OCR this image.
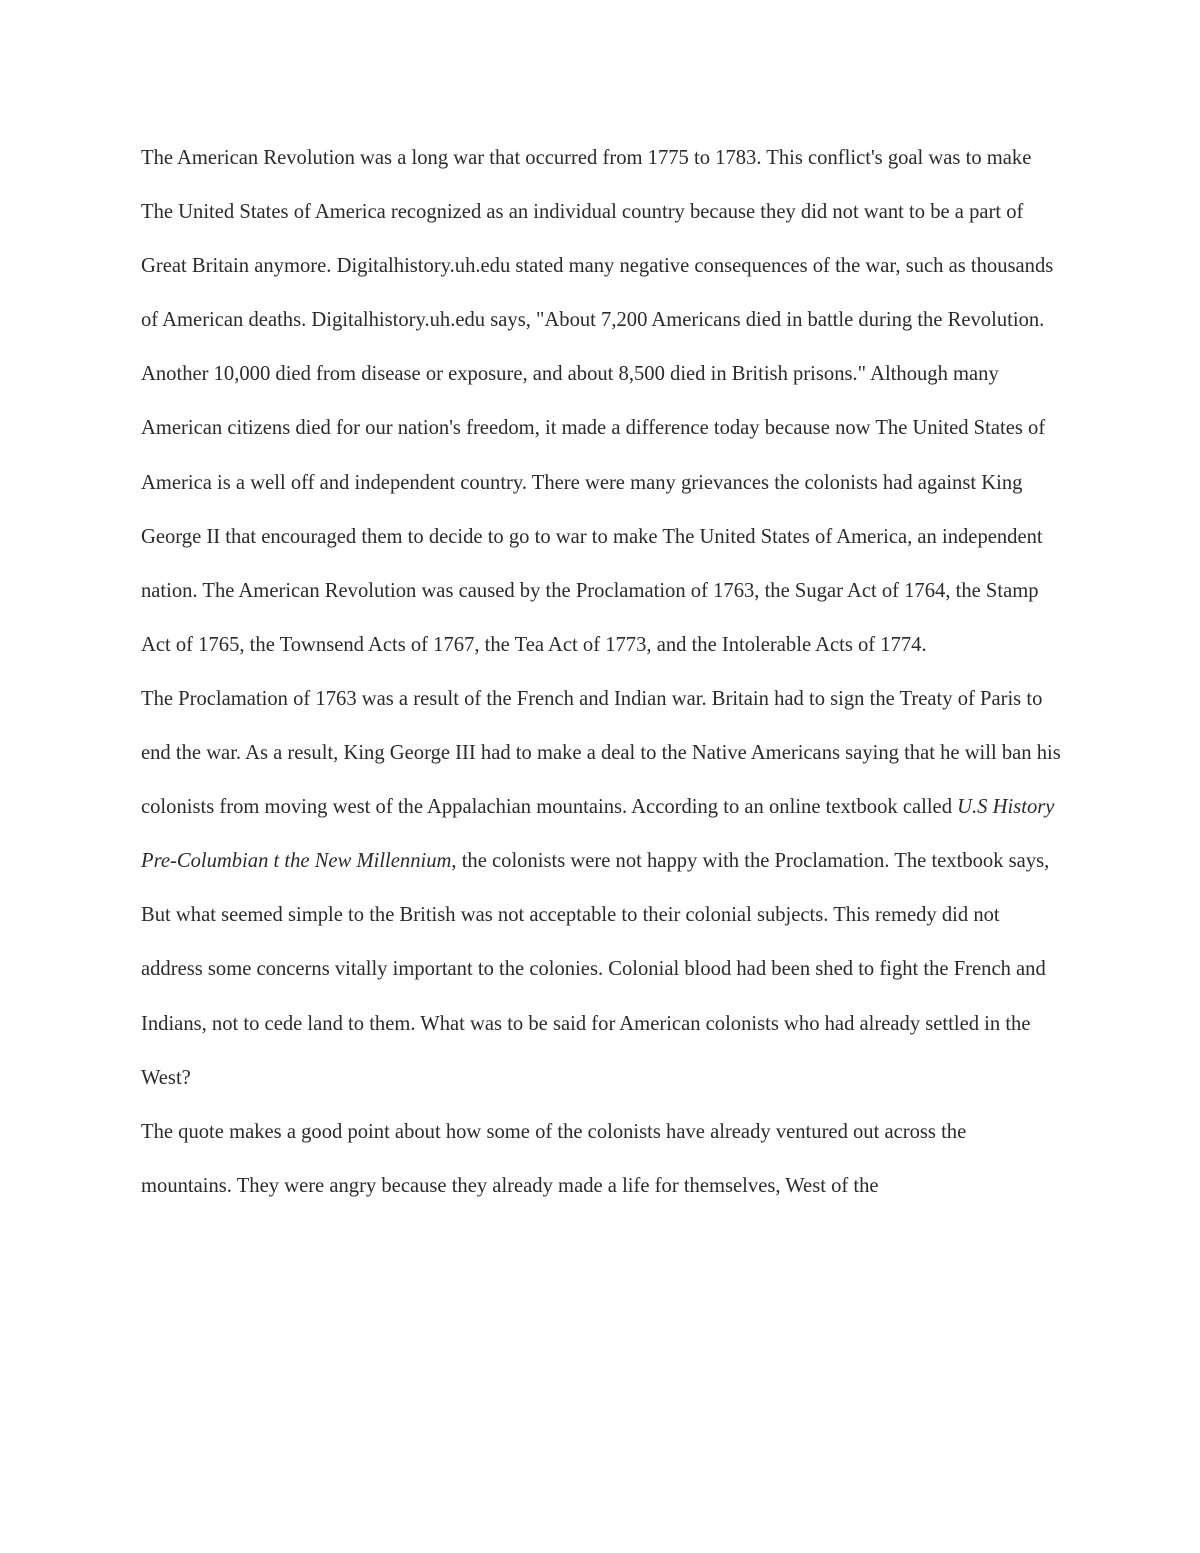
The American Revolution was a long war that occurred from 1775 to 1783. This conflict's goal was to make The United States of America recognized as an individual country because they did not want to be a part of Great Britain anymore. Digitalhistory.uh.edu stated many negative consequences of the war, such as thousands of American deaths. Digitalhistory.uh.edu says, "About 7,200 Americans died in battle during the Revolution. Another 10,000 died from disease or exposure, and about 8,500 died in British prisons." Although many American citizens died for our nation's freedom, it made a difference today because now The United States of America is a well off and independent country. There were many grievances the colonists had against King George II that encouraged them to decide to go to war to make The United States of America, an independent nation. The American Revolution was caused by the Proclamation of 1763, the Sugar Act of 1764, the Stamp Act of 1765, the Townsend Acts of 1767, the Tea Act of 1773, and the Intolerable Acts of 1774.

The Proclamation of 1763 was a result of the French and Indian war. Britain had to sign the Treaty of Paris to end the war. As a result, King George III had to make a deal to the Native Americans saying that he will ban his colonists from moving west of the Appalachian mountains. According to an online textbook called U.S History Pre-Columbian t the New Millennium, the colonists were not happy with the Proclamation. The textbook says,

But what seemed simple to the British was not acceptable to their colonial subjects. This remedy did not address some concerns vitally important to the colonies. Colonial blood had been shed to fight the French and Indians, not to cede land to them. What was to be said for American colonists who had already settled in the West?

The quote makes a good point about how some of the colonists have already ventured out across the mountains. They were angry because they already made a life for themselves, West of the
